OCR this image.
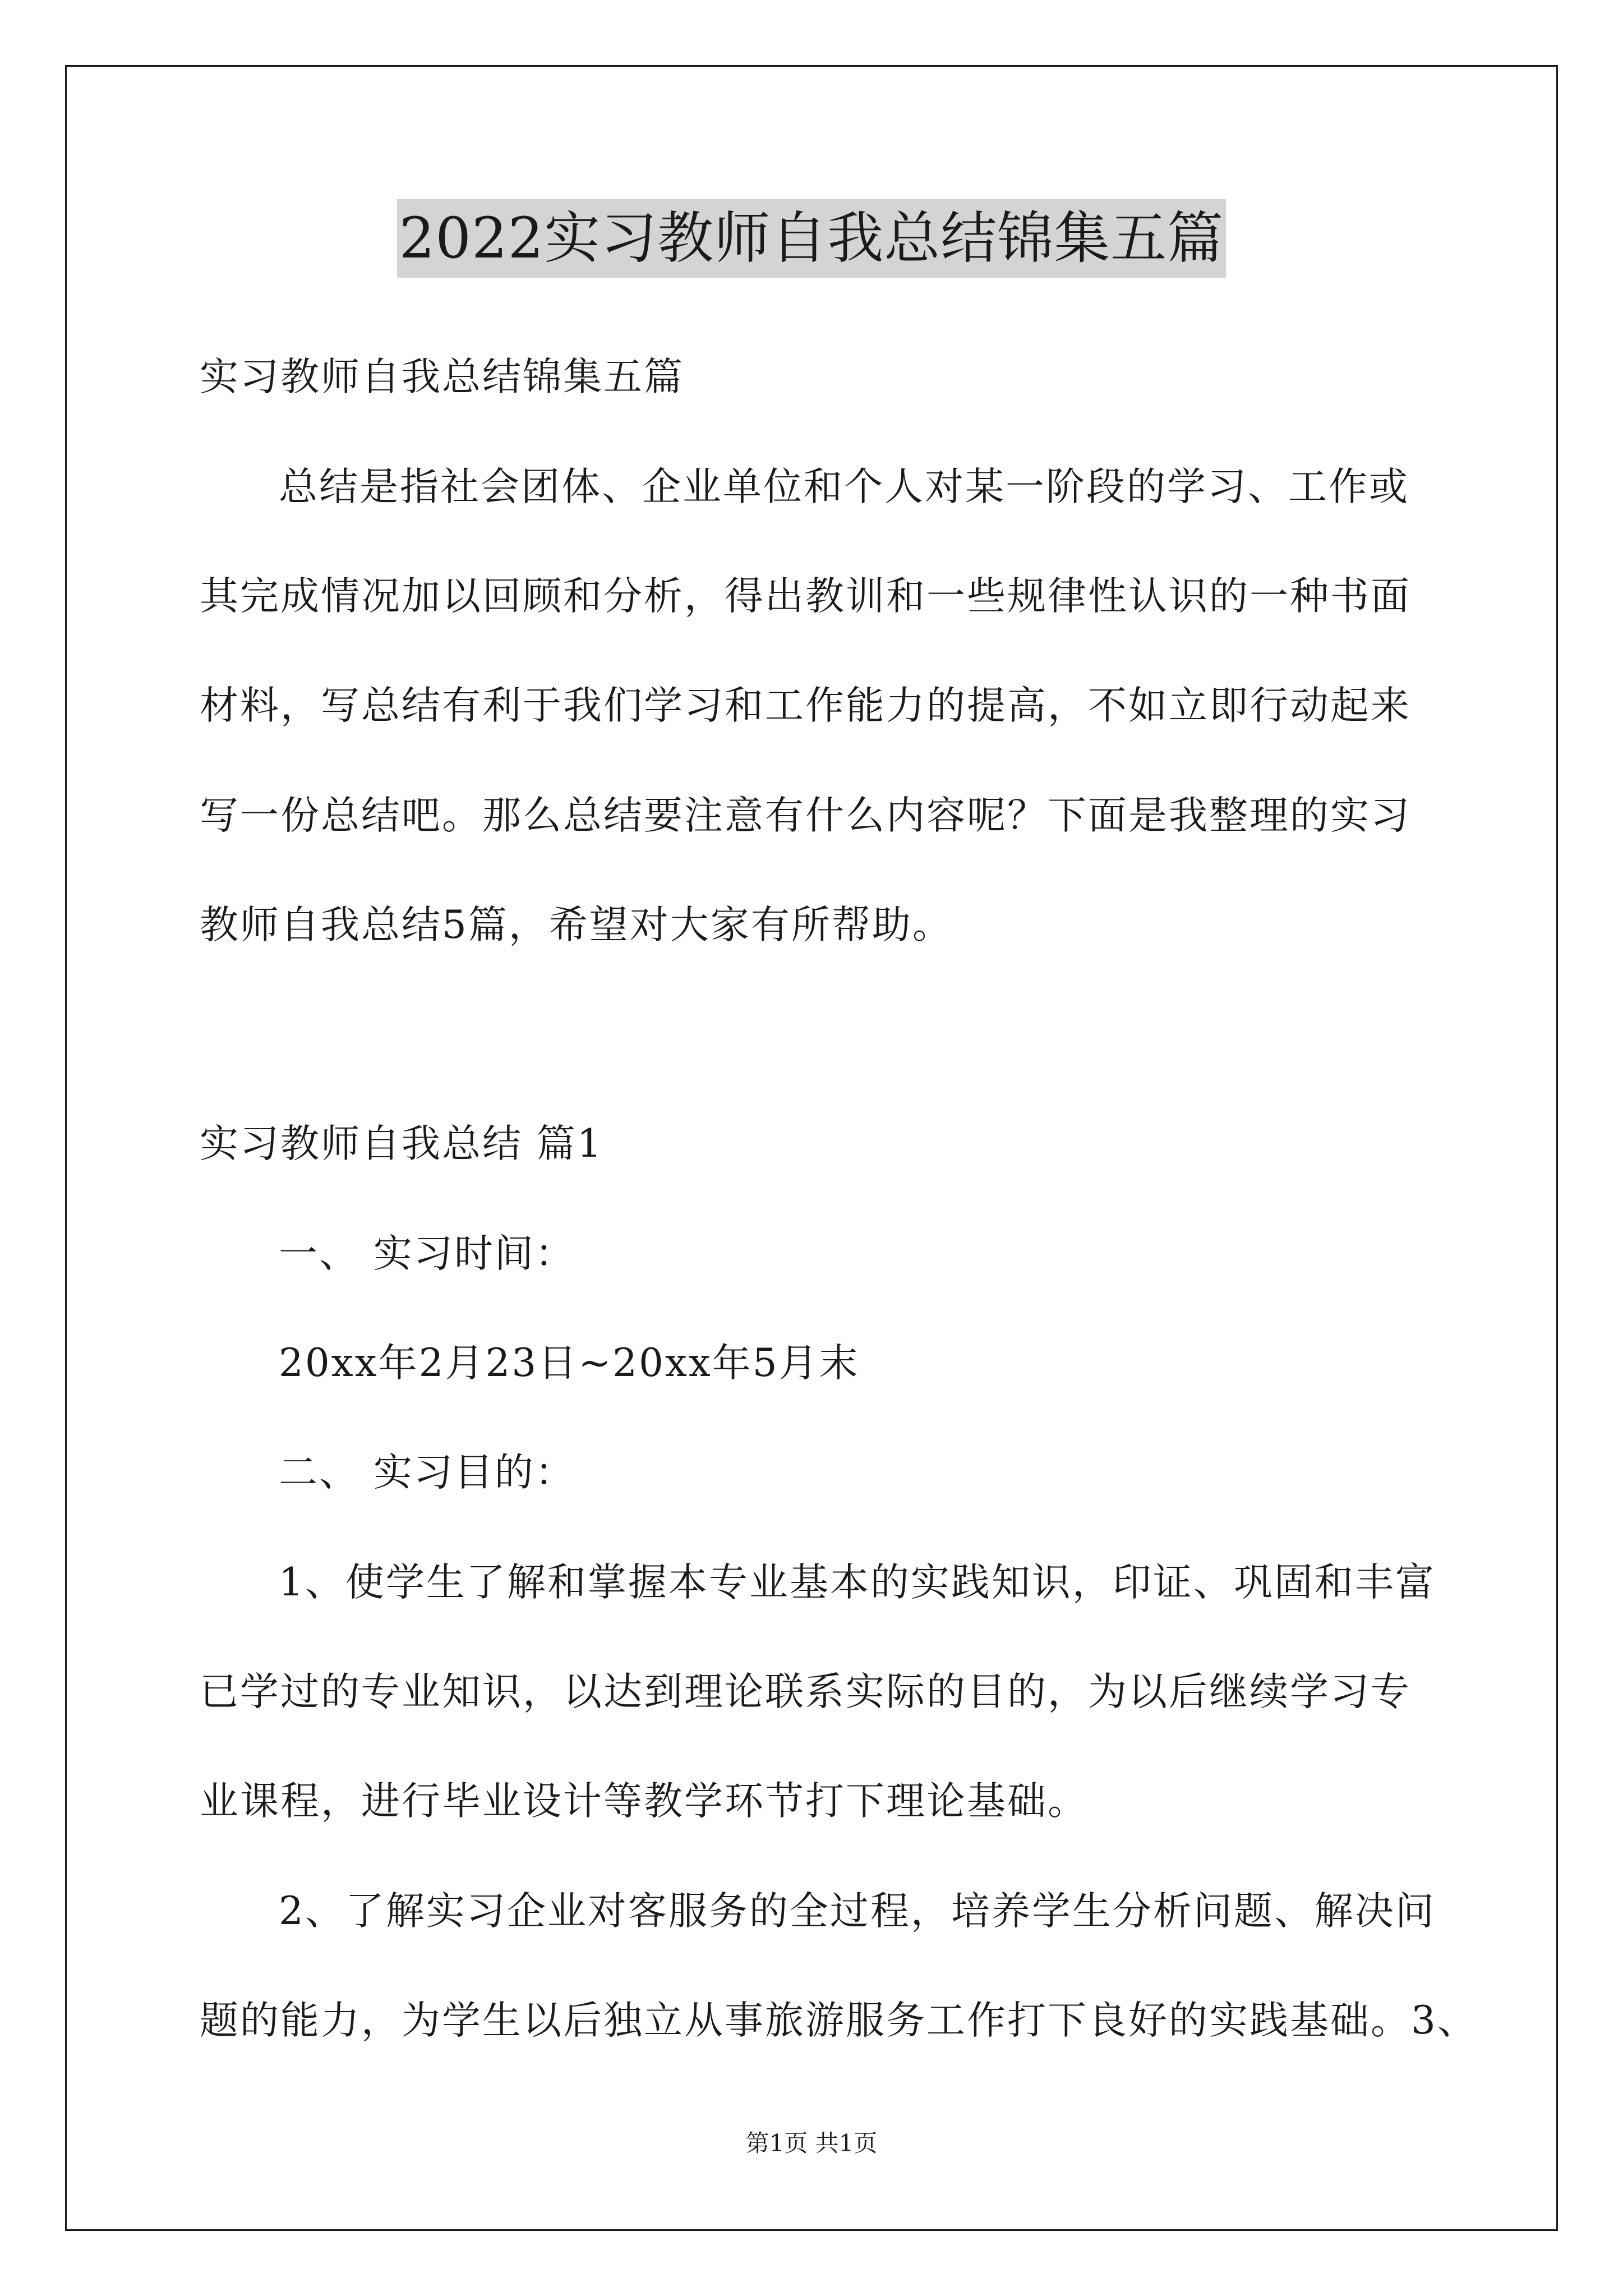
2022实习教师自我总结锦集五篇
实习教师自我总结锦集五篇
总结是指社会团体、企业单位和个人对某一阶段的学习、工作或
其完成情况加以回顾和分析，得出教训和一些规律性认识的一种书面
材料，写总结有利于我们学习和工作能力的提高，不如立即行动起来
写一份总结吧。那么总结要注意有什么内容呢？下面是我整理的实习
教师自我总结5篇，希望对大家有所帮助。
实习教师自我总结 篇1
一、 实习时间：
20xx年2月23日~20xx年5月末
二、 实习目的：
1、使学生了解和掌握本专业基本的实践知识，印证、巩固和丰富
已学过的专业知识，以达到理论联系实际的目的，为以后继续学习专
业课程，进行毕业设计等教学环节打下理论基础。
2、了解实习企业对客服务的全过程，培养学生分析问题、解决问
题的能力，为学生以后独立从事旅游服务工作打下良好的实践基础。3、
第1页 共1页
